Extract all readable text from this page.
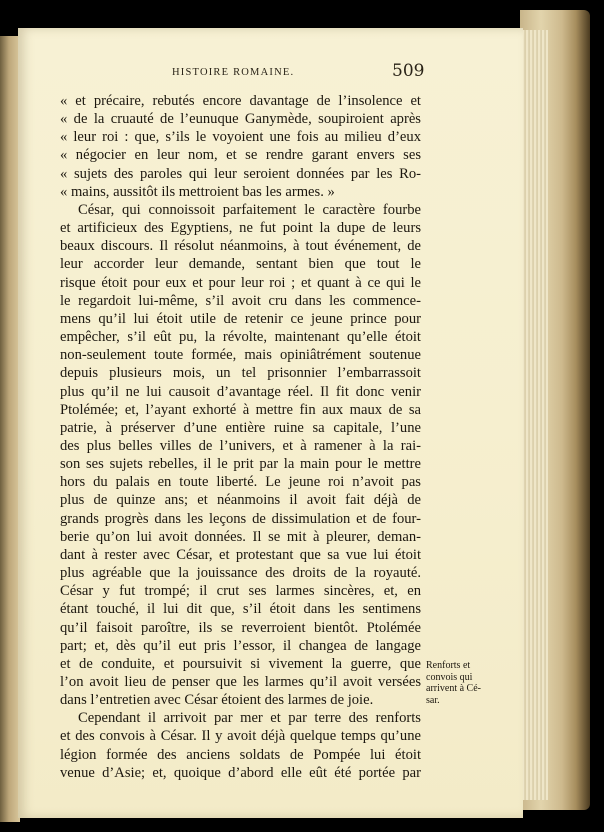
HISTOIRE ROMAINE.	509
« et précaire, rebutés encore davantage de l’insolence et
« de la cruauté de l’eunuque Ganymède, soupiroient après
« leur roi : que, s’ils le voyoient une fois au milieu d’eux
« négocier en leur nom, et se rendre garant envers ses
« sujets des paroles qui leur seroient données par les Ro-
« mains, aussitôt ils mettroient bas les armes. »
César, qui connoissoit parfaitement le caractère fourbe
et artificieux des Egyptiens, ne fut point la dupe de leurs
beaux discours. Il résolut néanmoins, à tout événement, de
leur accorder leur demande, sentant bien que tout le
risque étoit pour eux et pour leur roi ; et quant à ce qui le
le regardoit lui-même, s’il avoit cru dans les commence-
mens qu’il lui étoit utile de retenir ce jeune prince pour
empêcher, s’il eût pu, la révolte, maintenant qu’elle étoit
non-seulement toute formée, mais opiniâtrément soutenue
depuis plusieurs mois, un tel prisonnier l’embarrassoit
plus qu’il ne lui causoit d’avantage réel. Il fit donc venir
Ptolémée; et, l’ayant exhorté à mettre fin aux maux de sa
patrie, à préserver d’une entière ruine sa capitale, l’une
des plus belles villes de l’univers, et à ramener à la rai-
son ses sujets rebelles, il le prit par la main pour le mettre
hors du palais en toute liberté. Le jeune roi n’avoit pas
plus de quinze ans; et néanmoins il avoit fait déjà de
grands progrès dans les leçons de dissimulation et de four-
berie qu’on lui avoit données. Il se mit à pleurer, deman-
dant à rester avec César, et protestant que sa vue lui étoit
plus agréable que la jouissance des droits de la royauté.
César y fut trompé; il crut ses larmes sincères, et, en
étant touché, il lui dit que, s’il étoit dans les sentimens
qu’il faisoit paroître, ils se reverroient bientôt. Ptolémée
part; et, dès qu’il eut pris l’essor, il changea de langage
et de conduite, et poursuivit si vivement la guerre, que
l’on avoit lieu de penser que les larmes qu’il avoit versées
dans l’entretien avec César étoient des larmes de joie.
Cependant il arrivoit par mer et par terre des renforts
et des convois à César. Il y avoit déjà quelque temps qu’une
légion formée des anciens soldats de Pompée lui étoit
venue d’Asie; et, quoique d’abord elle eût été portée par
Renforts et
convois qui
arrivent à Cé-
sar.
